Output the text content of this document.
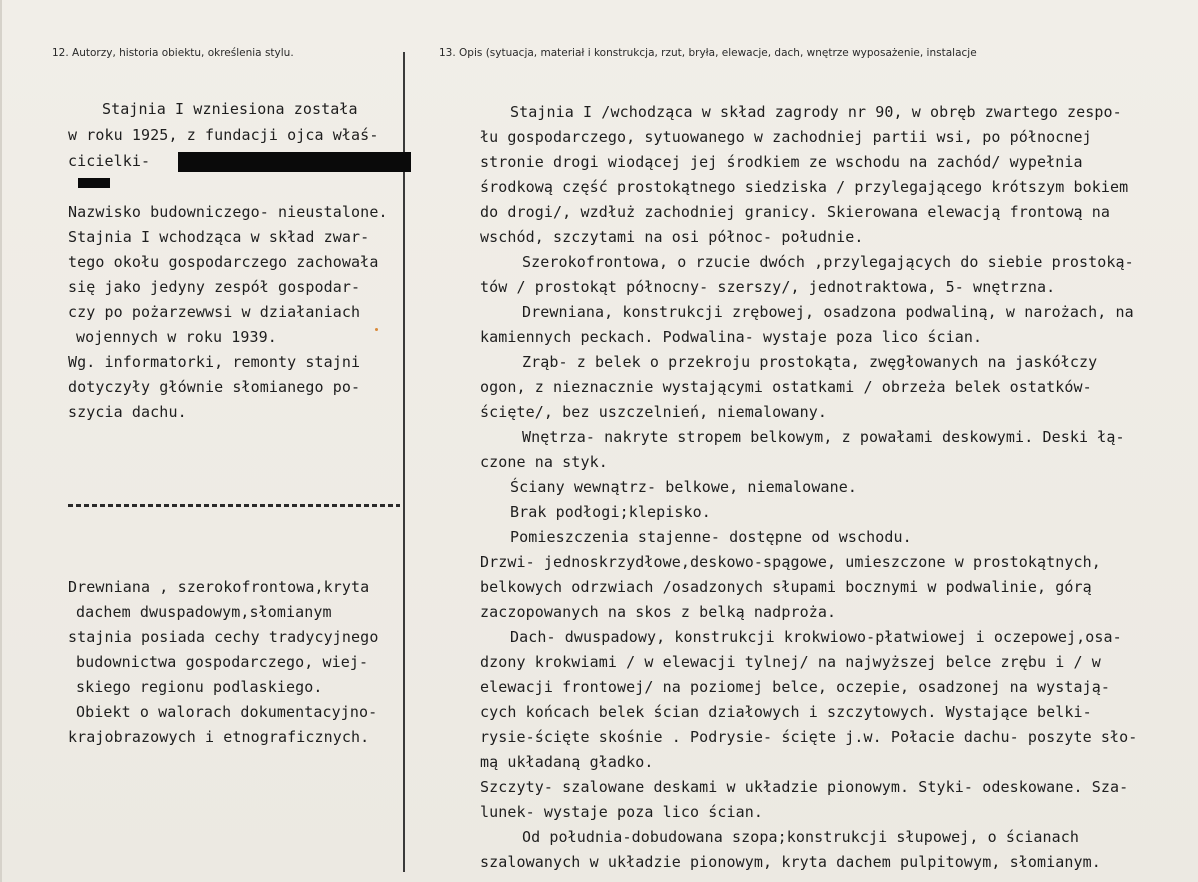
12. Autorzy, historia obiektu, określenia stylu.	13. Opis (sytuacja, materiał i konstrukcja, rzut, bryła, elewacje, dach, wnętrze wyposażenie, instalacje
Stajnia I wzniesiona została
w roku 1925, z fundacji ojca właś-
cicielki-
Nazwisko budowniczego- nieustalone.
Stajnia I wchodząca w skład zwar-
tego okołu gospodarczego zachowała
się jako jedyny zespół gospodar-
czy po pożarzewwsi w działaniach
wojennych w roku 1939.
Wg. informatorki, remonty stajni
dotyczyły głównie słomianego po-
szycia dachu.
Drewniana , szerokofrontowa,kryta
dachem dwuspadowym,słomianym
stajnia posiada cechy tradycyjnego
budownictwa gospodarczego, wiej-
skiego regionu podlaskiego.
Obiekt o walorach dokumentacyjno-
krajobrazowych i etnograficznych.
Stajnia I /wchodząca w skład zagrody nr 90, w obręb zwartego zespo-
łu gospodarczego, sytuowanego w zachodniej partii wsi, po północnej
stronie drogi wiodącej jej środkiem ze wschodu na zachód/ wypełnia
środkową część prostokątnego siedziska / przylegającego krótszym bokiem
do drogi/, wzdłuż zachodniej granicy. Skierowana elewacją frontową na
wschód, szczytami na osi północ- południe.
Szerokofrontowa, o rzucie dwóch ,przylegających do siebie prostoką-
tów / prostokąt północny- szerszy/, jednotraktowa, 5- wnętrzna.
Drewniana, konstrukcji zrębowej, osadzona podwaliną, w narożach, na
kamiennych peckach. Podwalina- wystaje poza lico ścian.
Zrąb- z belek o przekroju prostokąta, zwęgłowanych na jaskółczy
ogon, z nieznacznie wystającymi ostatkami / obrzeża belek ostatków-
ścięte/, bez uszczelnień, niemalowany.
Wnętrza- nakryte stropem belkowym, z powałami deskowymi. Deski łą-
czone na styk.
Ściany wewnątrz- belkowe, niemalowane.
Brak podłogi;klepisko.
Pomieszczenia stajenne- dostępne od wschodu.
Drzwi- jednoskrzydłowe,deskowo-spągowe, umieszczone w prostokątnych,
belkowych odrzwiach /osadzonych słupami bocznymi w podwalinie, górą
zaczopowanych na skos z belką nadproża.
Dach- dwuspadowy, konstrukcji krokwiowo-płatwiowej i oczepowej,osa-
dzony krokwiami / w elewacji tylnej/ na najwyższej belce zrębu i / w
elewacji frontowej/ na poziomej belce, oczepie, osadzonej na wystają-
cych końcach belek ścian działowych i szczytowych. Wystające belki-
rysie-ścięte skośnie . Podrysie- ścięte j.w. Połacie dachu- poszyte sło-
mą układaną gładko.
Szczyty- szalowane deskami w układzie pionowym. Styki- odeskowane. Sza-
lunek- wystaje poza lico ścian.
Od południa-dobudowana szopa;konstrukcji słupowej, o ścianach
szalowanych w układzie pionowym, kryta dachem pulpitowym, słomianym.
